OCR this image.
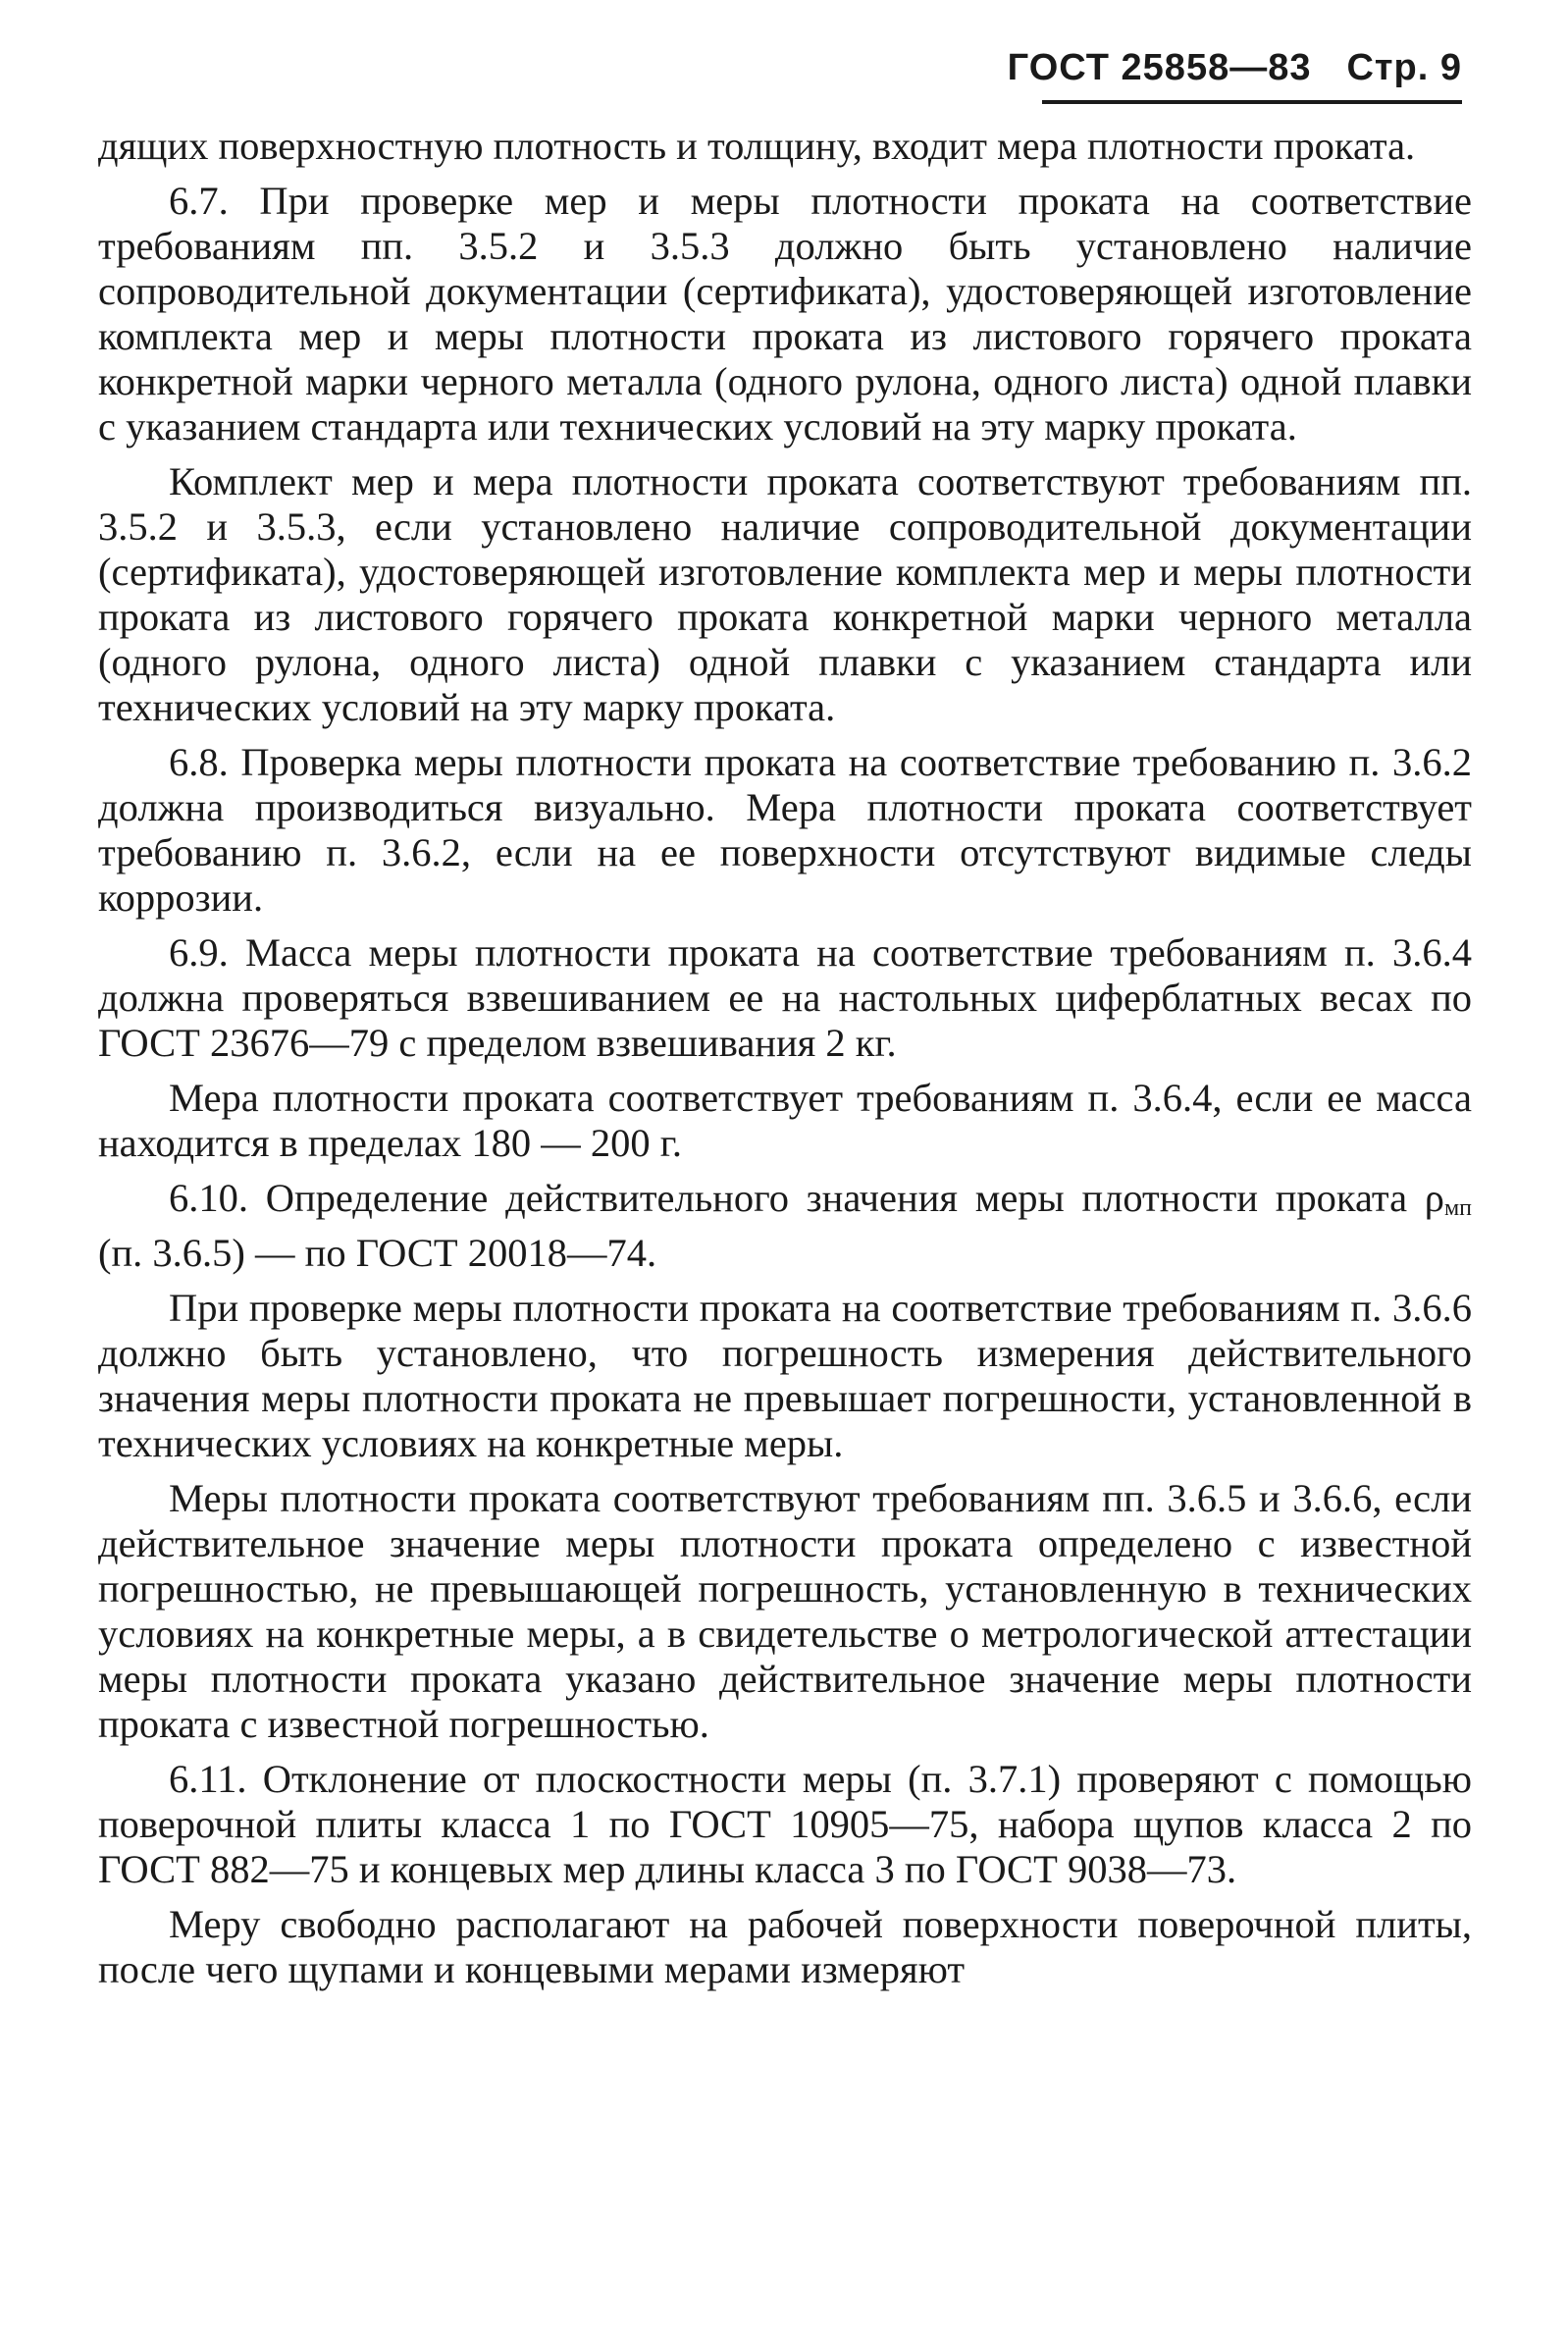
ГОСТ 25858—83 Стр. 9

дящих поверхностную плотность и толщину, входит мера плотности проката.

6.7. При проверке мер и меры плотности проката на соответствие требованиям пп. 3.5.2 и 3.5.3 должно быть установлено наличие сопроводительной документации (сертификата), удостоверяющей изготовление комплекта мер и меры плотности проката из листового горячего проката конкретной марки черного металла (одного рулона, одного листа) одной плавки с указанием стандарта или технических условий на эту марку проката.

Комплект мер и мера плотности проката соответствуют требованиям пп. 3.5.2 и 3.5.3, если установлено наличие сопроводительной документации (сертификата), удостоверяющей изготовление комплекта мер и меры плотности проката из листового горячего проката конкретной марки черного металла (одного рулона, одного листа) одной плавки с указанием стандарта или технических условий на эту марку проката.

6.8. Проверка меры плотности проката на соответствие требованию п. 3.6.2 должна производиться визуально. Мера плотности проката соответствует требованию п. 3.6.2, если на ее поверхности отсутствуют видимые следы коррозии.

6.9. Масса меры плотности проката на соответствие требованиям п. 3.6.4 должна проверяться взвешиванием ее на настольных циферблатных весах по ГОСТ 23676—79 с пределом взвешивания 2 кг.

Мера плотности проката соответствует требованиям п. 3.6.4, если ее масса находится в пределах 180 — 200 г.

6.10. Определение действительного значения меры плотности проката ρмп (п. 3.6.5) — по ГОСТ 20018—74.

При проверке меры плотности проката на соответствие требованиям п. 3.6.6 должно быть установлено, что погрешность измерения действительного значения меры плотности проката не превышает погрешности, установленной в технических условиях на конкретные меры.

Меры плотности проката соответствуют требованиям пп. 3.6.5 и 3.6.6, если действительное значение меры плотности проката определено с известной погрешностью, не превышающей погрешность, установленную в технических условиях на конкретные меры, а в свидетельстве о метрологической аттестации меры плотности проката указано действительное значение меры плотности проката с известной погрешностью.

6.11. Отклонение от плоскостности меры (п. 3.7.1) проверяют с помощью поверочной плиты класса 1 по ГОСТ 10905—75, набора щупов класса 2 по ГОСТ 882—75 и концевых мер длины класса 3 по ГОСТ 9038—73.

Меру свободно располагают на рабочей поверхности поверочной плиты, после чего щупами и концевыми мерами измеряют
